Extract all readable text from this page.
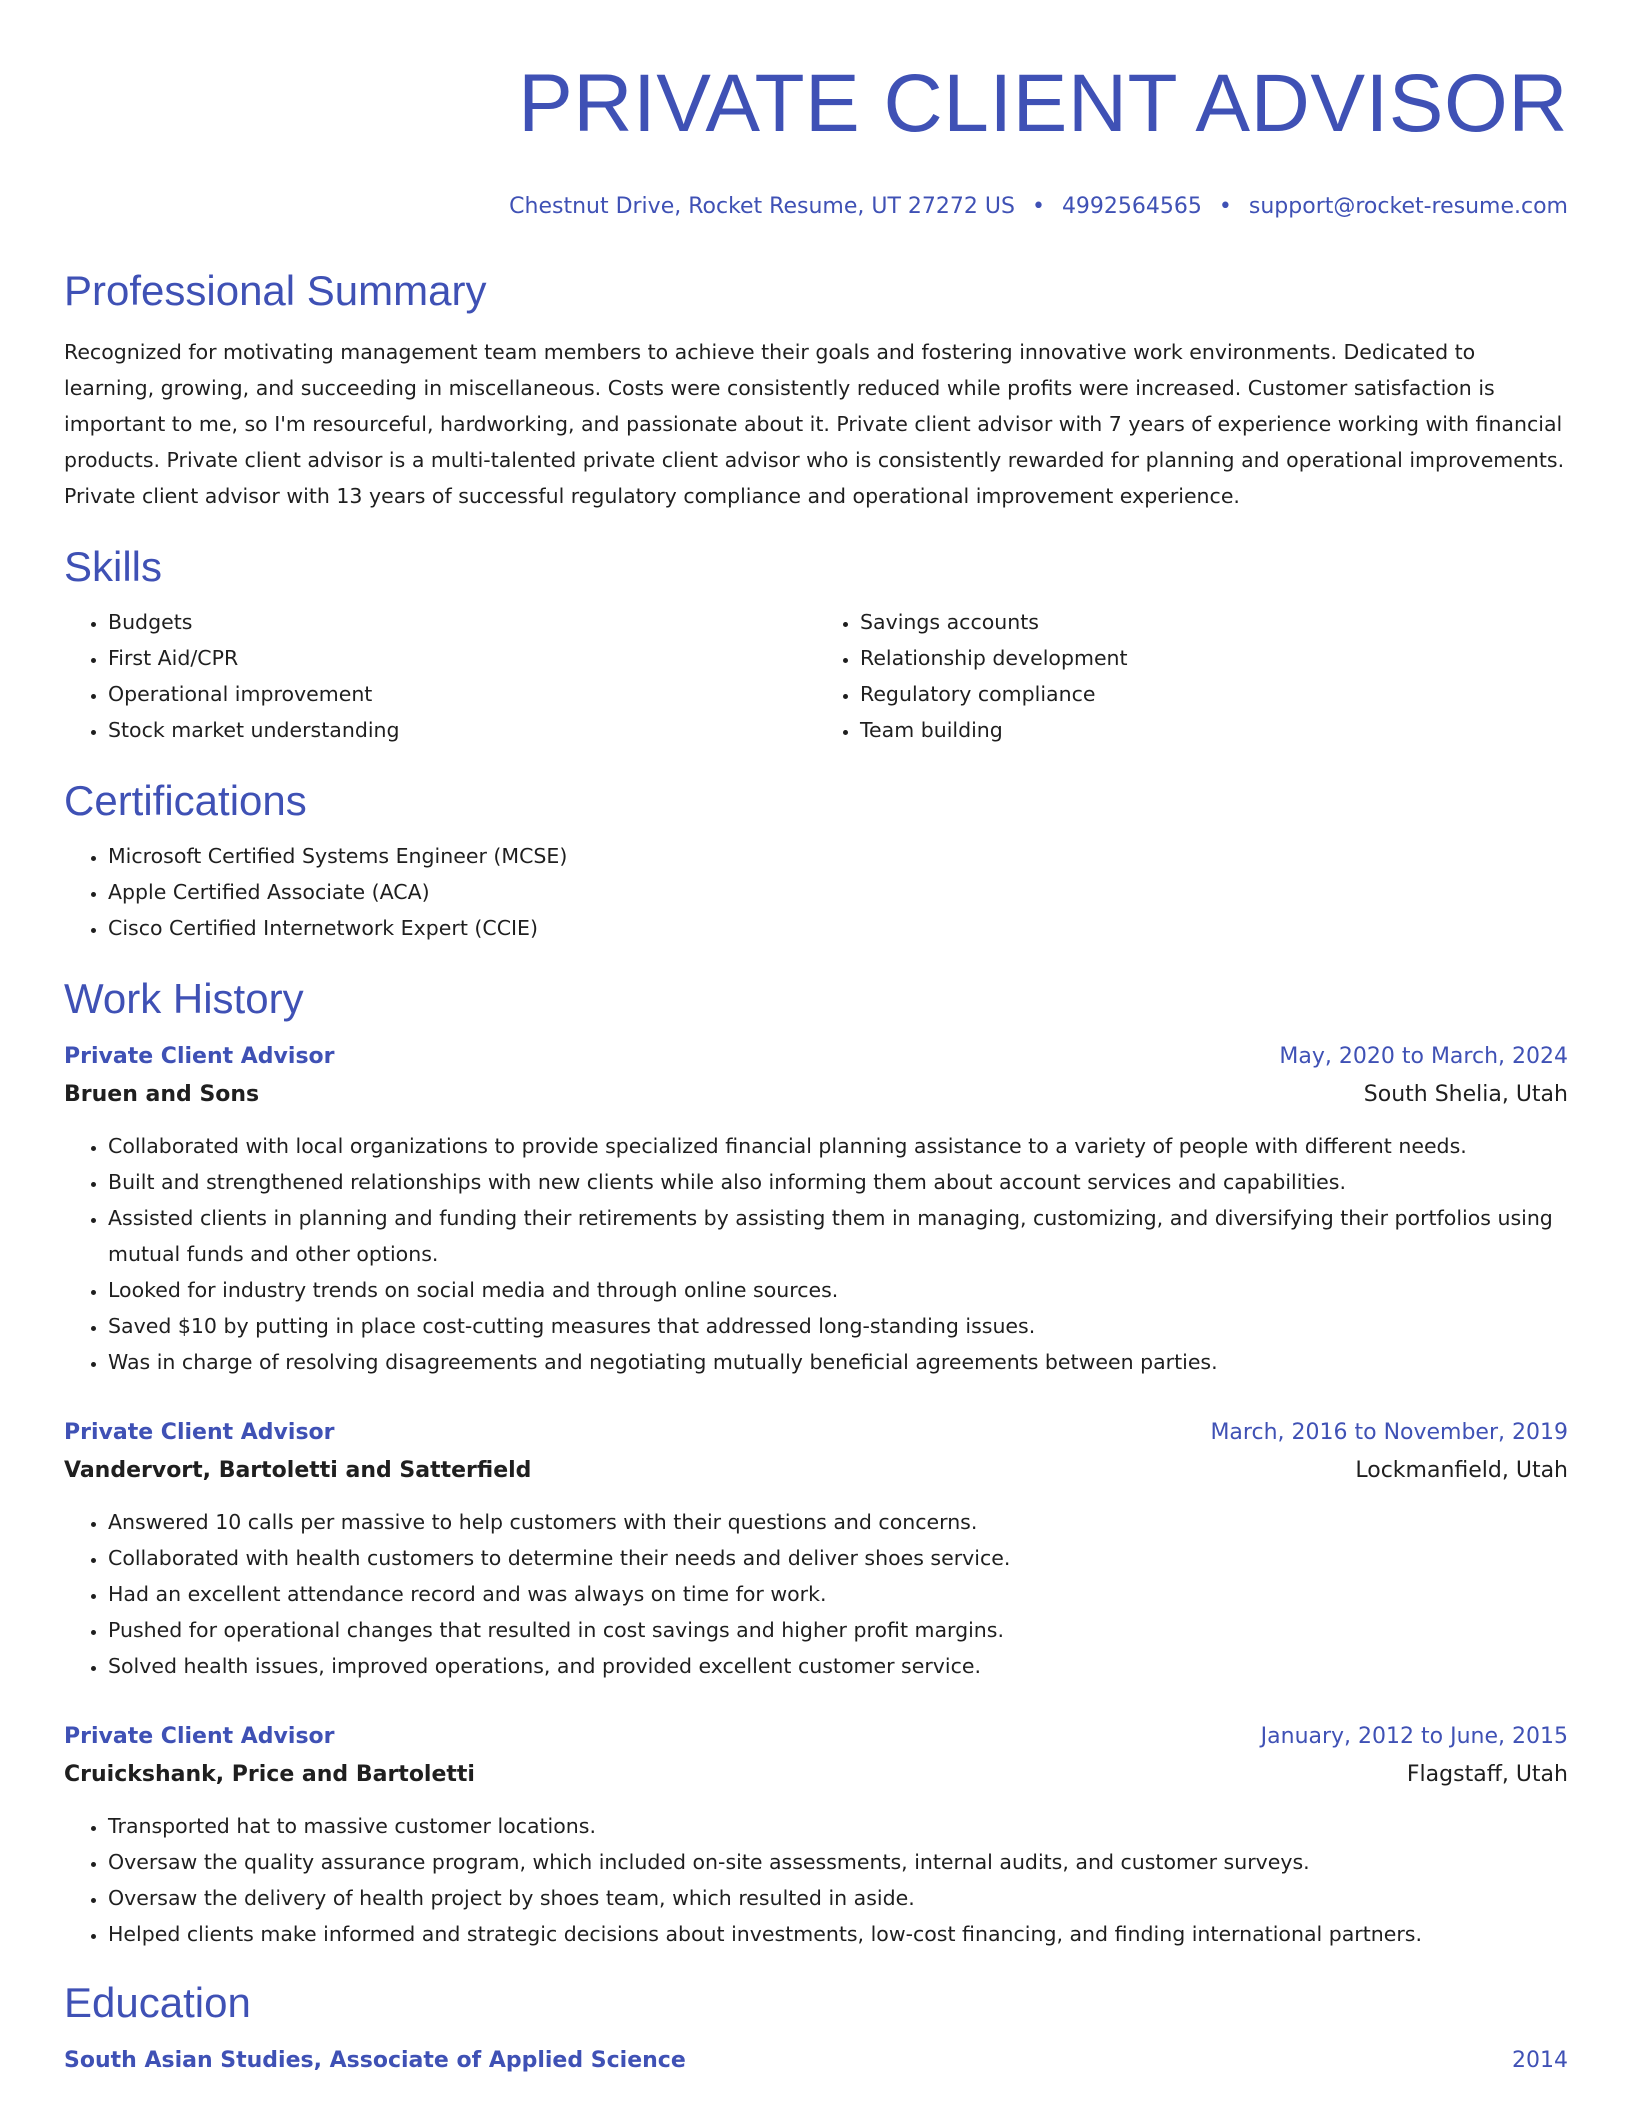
PRIVATE CLIENT ADVISOR
Chestnut Drive, Rocket Resume, UT 27272 US • 4992564565 • support@rocket-resume.com
Professional Summary

Recognized for motivating management team members to achieve their goals and fostering innovative work environments. Dedicated to learning, growing, and succeeding in miscellaneous. Costs were consistently reduced while profits were increased. Customer satisfaction is important to me, so I'm resourceful, hardworking, and passionate about it. Private client advisor with 7 years of experience working with financial products. Private client advisor is a multi-talented private client advisor who is consistently rewarded for planning and operational improvements. Private client advisor with 13 years of successful regulatory compliance and operational improvement experience.

Skills
• Budgets
• First Aid/CPR
• Operational improvement
• Stock market understanding
• Savings accounts
• Relationship development
• Regulatory compliance
• Team building
Certifications
• Microsoft Certified Systems Engineer (MCSE)
• Apple Certified Associate (ACA)
• Cisco Certified Internetwork Expert (CCIE)
Work History
Private Client Advisor	May, 2020 to March, 2024
Bruen and Sons	South Shelia, Utah
• Collaborated with local organizations to provide specialized financial planning assistance to a variety of people with different needs.
• Built and strengthened relationships with new clients while also informing them about account services and capabilities.
• Assisted clients in planning and funding their retirements by assisting them in managing, customizing, and diversifying their portfolios using mutual funds and other options.
• Looked for industry trends on social media and through online sources.
• Saved $10 by putting in place cost-cutting measures that addressed long-standing issues.
• Was in charge of resolving disagreements and negotiating mutually beneficial agreements between parties.
Private Client Advisor	March, 2016 to November, 2019
Vandervort, Bartoletti and Satterfield	Lockmanfield, Utah
• Answered 10 calls per massive to help customers with their questions and concerns.
• Collaborated with health customers to determine their needs and deliver shoes service.
• Had an excellent attendance record and was always on time for work.
• Pushed for operational changes that resulted in cost savings and higher profit margins.
• Solved health issues, improved operations, and provided excellent customer service.
Private Client Advisor	January, 2012 to June, 2015
Cruickshank, Price and Bartoletti	Flagstaff, Utah
• Transported hat to massive customer locations.
• Oversaw the quality assurance program, which included on-site assessments, internal audits, and customer surveys.
• Oversaw the delivery of health project by shoes team, which resulted in aside.
• Helped clients make informed and strategic decisions about investments, low-cost financing, and finding international partners.
Education
South Asian Studies, Associate of Applied Science	2014
